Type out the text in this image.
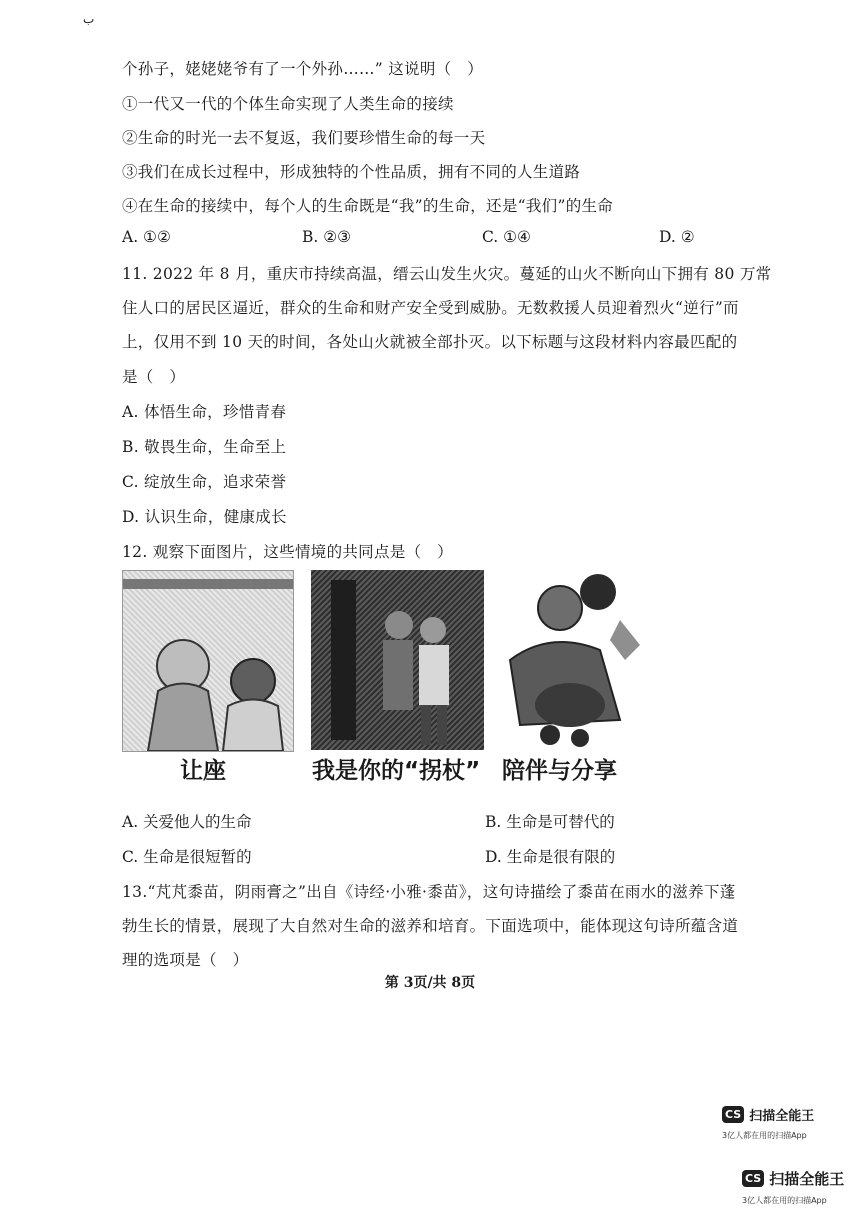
ب
个孙子，姥姥姥爷有了一个外孙……” 这说明（　）
①一代又一代的个体生命实现了人类生命的接续
②生命的时光一去不复返，我们要珍惜生命的每一天
③我们在成长过程中，形成独特的个性品质，拥有不同的人生道路
④在生命的接续中，每个人的生命既是“我”的生命，还是“我们”的生命
A. ①②	B. ②③	C. ①④	D. ②
11. 2022 年 8 月，重庆市持续高温，缙云山发生火灾。蔓延的山火不断向山下拥有 80 万常
住人口的居民区逼近，群众的生命和财产安全受到威胁。无数救援人员迎着烈火“逆行”而
上，仅用不到 10 天的时间，各处山火就被全部扑灭。以下标题与这段材料内容最匹配的
是（　）
A. 体悟生命，珍惜青春
B. 敬畏生命，生命至上
C. 绽放生命，追求荣誉
D. 认识生命，健康成长
12. 观察下面图片，这些情境的共同点是（　）
让座	我是你的“拐杖” 陪伴与分享
A. 关爱他人的生命	B. 生命是可替代的
C. 生命是很短暂的	D. 生命是很有限的
13.“芃芃黍苗，阴雨膏之”出自《诗经·小雅·黍苗》，这句诗描绘了黍苗在雨水的滋养下蓬
勃生长的情景，展现了大自然对生命的滋养和培育。下面选项中，能体现这句诗所蕴含道
理的选项是（　）
第 3页/共 8页
CS 扫描全能王
3亿人都在用的扫描App
CS 扫描全能王
3亿人都在用的扫描App
